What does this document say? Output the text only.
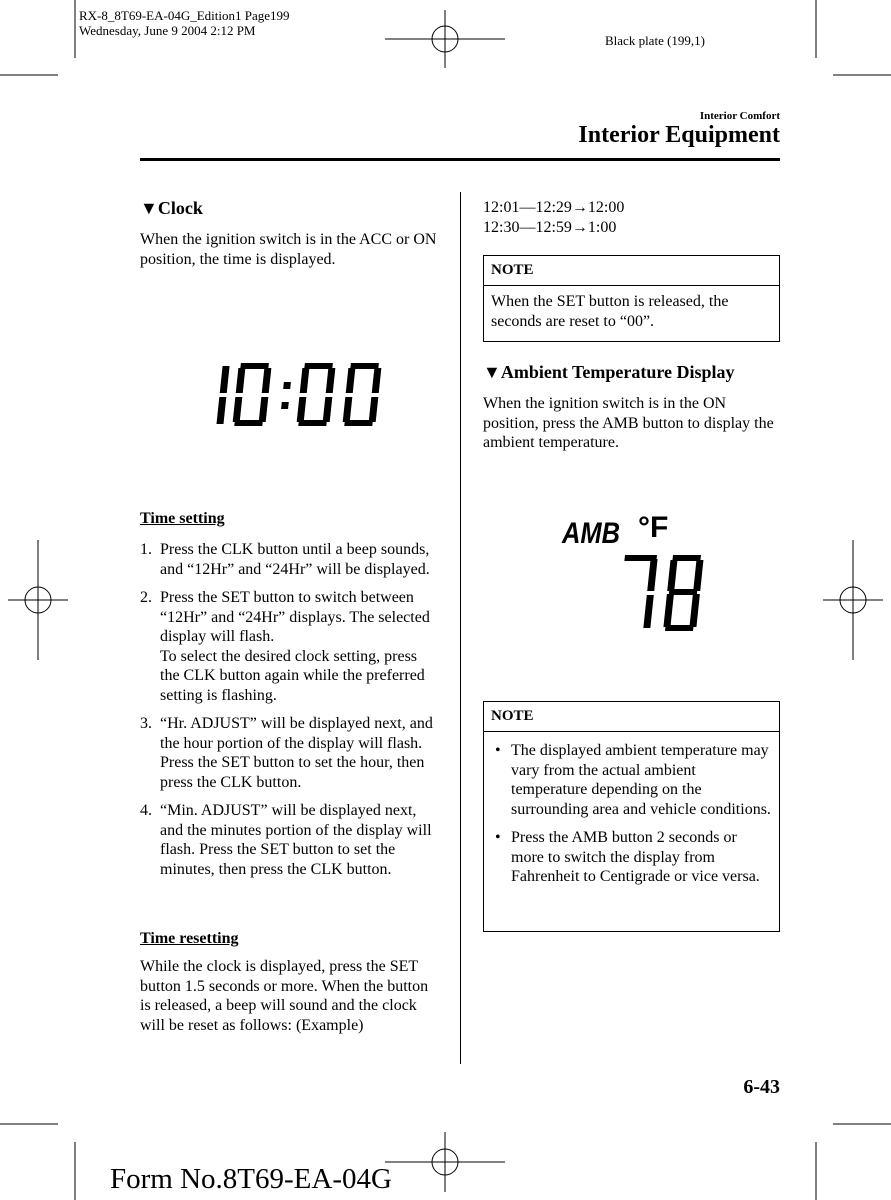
RX-8_8T69-EA-04G_Edition1 Page199
Wednesday, June 9 2004 2:12 PM
Black plate (199,1)
Interior Comfort
Interior Equipment
▼Clock
When the ignition switch is in the ACC or ON position, the time is displayed.
Time setting
1. Press the CLK button until a beep sounds, and “12Hr” and “24Hr” will be displayed.
2. Press the SET button to switch between “12Hr” and “24Hr” displays. The selected display will flash.
To select the desired clock setting, press the CLK button again while the preferred setting is flashing.
3. “Hr. ADJUST” will be displayed next, and the hour portion of the display will flash. Press the SET button to set the hour, then press the CLK button.
4. “Min. ADJUST” will be displayed next, and the minutes portion of the display will flash. Press the SET button to set the minutes, then press the CLK button.
Time resetting
While the clock is displayed, press the SET button 1.5 seconds or more. When the button is released, a beep will sound and the clock will be reset as follows: (Example)
12:01—12:29→12:00
12:30—12:59→1:00
NOTE
When the SET button is released, the seconds are reset to “00”.
▼Ambient Temperature Display
When the ignition switch is in the ON position, press the AMB button to display the ambient temperature.
AMB °F
NOTE
• The displayed ambient temperature may vary from the actual ambient temperature depending on the surrounding area and vehicle conditions.
• Press the AMB button 2 seconds or more to switch the display from Fahrenheit to Centigrade or vice versa.
6-43
Form No.8T69-EA-04G
